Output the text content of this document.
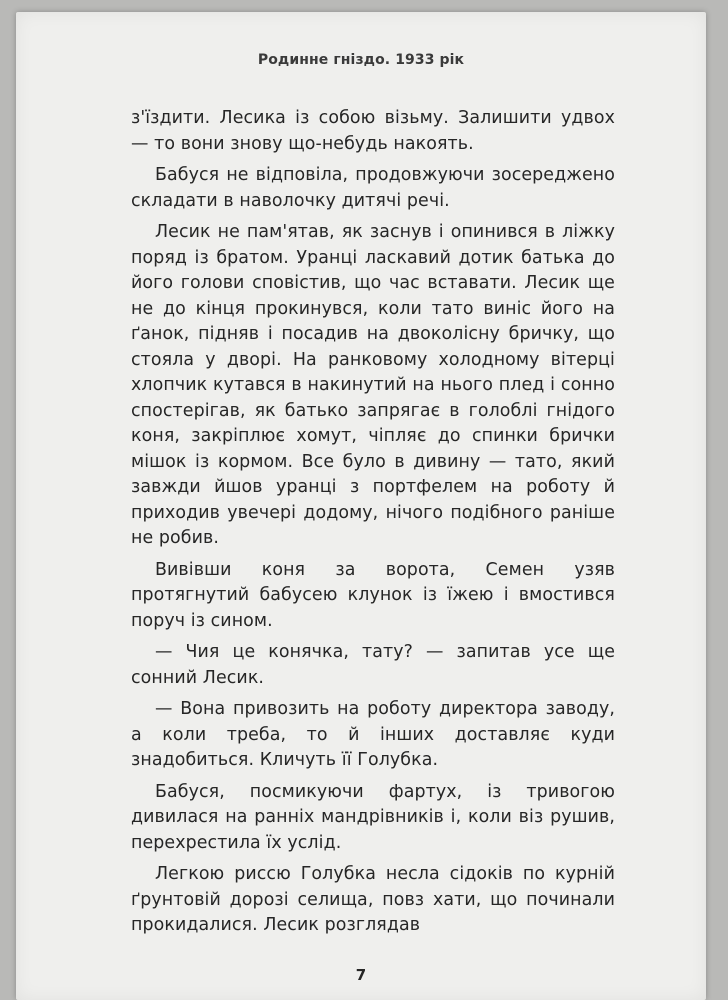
Родинне гніздо. 1933 рік

з'їздити. Лесика із собою візьму. Залишити удвох — то вони знову що-небудь накоять.

Бабуся не відповіла, продовжуючи зосереджено складати в наволочку дитячі речі.

Лесик не пам'ятав, як заснув і опинився в ліжку поряд із братом. Уранці ласкавий дотик батька до його голови сповістив, що час вставати. Лесик ще не до кінця прокинувся, коли тато виніс його на ґанок, підняв і посадив на двоколісну бричку, що стояла у дворі. На ранковому холодному вітерці хлопчик кутався в накинутий на нього плед і сонно спостерігав, як батько запрягає в голоблі гнідого коня, закріплює хомут, чіпляє до спинки брички мішок із кормом. Все було в дивину — тато, який завжди йшов уранці з портфелем на роботу й приходив увечері додому, нічого подібного раніше не робив.

Вивівши коня за ворота, Семен узяв протягнутий бабусею клунок із їжею і вмостився поруч із сином.

— Чия це конячка, тату? — запитав усе ще сонний Лесик.

— Вона привозить на роботу директора заводу, а коли треба, то й інших доставляє куди знадобиться. Кличуть її Голубка.

Бабуся, посмикуючи фартух, із тривогою дивилася на ранніх мандрівників і, коли віз рушив, перехрестила їх услід.

Легкою риссю Голубка несла сідоків по курній ґрунтовій дорозі селища, повз хати, що починали прокидалися. Лесик розглядав

7
